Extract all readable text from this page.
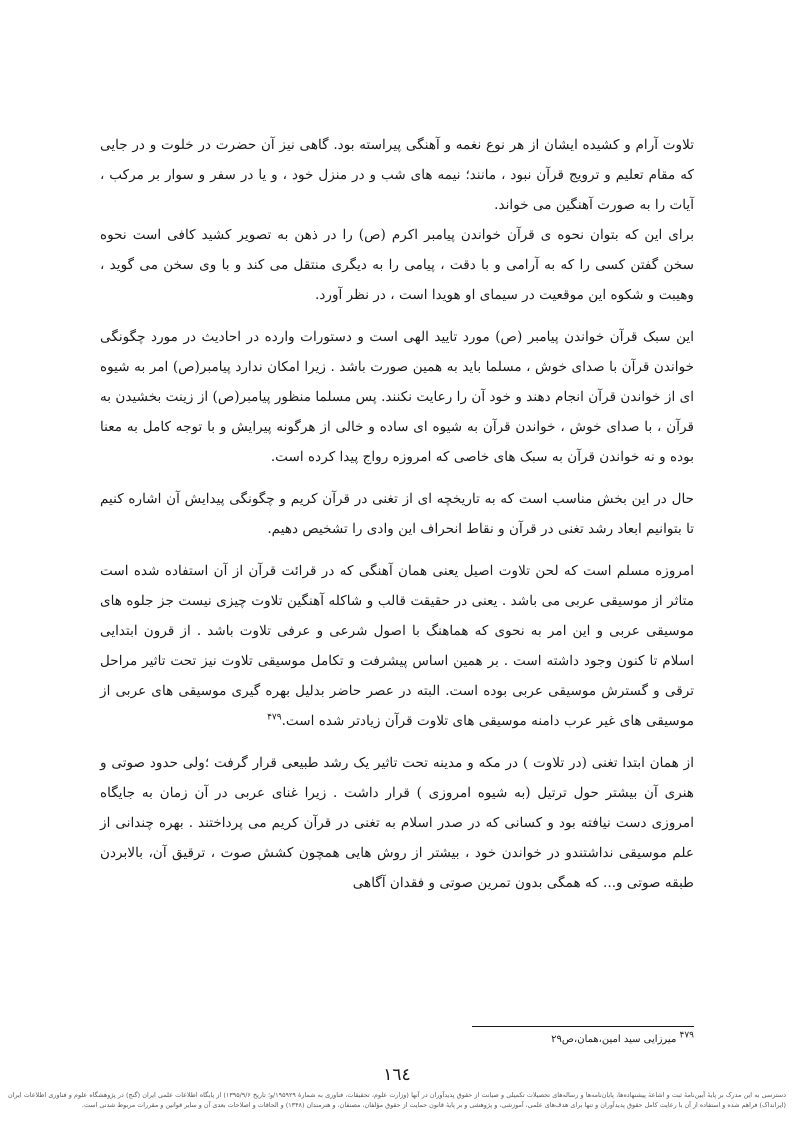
تلاوت آرام و کشیده ایشان از هر نوع نغمه و آهنگی پیراسته بود. گاهی نیز آن حضرت در خلوت و در جایی که مقام تعلیم و ترویج قرآن نبود ، مانند؛ نیمه های شب و در منزل خود ، و یا در سفر و سوار بر مرکب ، آیات را به صورت آهنگین می خواند.

برای این که بتوان نحوه ی قرآن خواندن پیامبر اکرم (ص) را در ذهن به تصویر کشید کافی است نحوه سخن گفتن کسی را که به آرامی و با دقت ، پیامی را به دیگری منتقل می کند و با وی سخن می گوید ، وهیبت و شکوه این موقعیت در سیمای او هویدا است ، در نظر آورد.

این سبک قرآن خواندن پیامبر (ص) مورد تایید الهی است و دستورات وارده در احادیث در مورد چگونگی خواندن قرآن با صدای خوش ، مسلما باید به همین صورت باشد . زیرا امکان ندارد پیامبر(ص) امر به شیوه ای از خواندن قرآن انجام دهند و خود آن را رعایت نکنند. پس مسلما منظور پیامبر(ص) از زینت بخشیدن به قرآن ، با صدای خوش ، خواندن قرآن به شیوه ای ساده و خالی از هرگونه پیرایش و با توجه کامل به معنا بوده و نه خواندن قرآن به سبک های خاصی که امروزه رواج پیدا کرده است.

حال در این بخش مناسب است که به تاریخچه ای از تغنی در قرآن کریم و چگونگی پیدایش آن اشاره کنیم تا بتوانیم ابعاد رشد تغنی در قرآن و نقاط انحراف این وادی را تشخیص دهیم.

امروزه مسلم است که لحن تلاوت اصیل یعنی همان آهنگی که در قرائت قرآن از آن استفاده شده است متاثر از موسیقی عربی می باشد . یعنی در حقیقت قالب و شاکله آهنگین تلاوت چیزی نیست جز جلوه های موسیقی عربی و این امر به نحوی که هماهنگ با اصول شرعی و عرفی تلاوت باشد . از قرون ابتدایی اسلام تا کنون وجود داشته است . بر همین اساس پیشرفت و تکامل موسیقی تلاوت نیز تحت تاثیر مراحل ترقی و گسترش موسیقی عربی بوده است. البته در عصر حاضر بدلیل بهره گیری موسیقی های عربی از موسیقی های غیر عرب دامنه موسیقی های تلاوت قرآن زیادتر شده است.$^{۴۷۹}$

از همان ابتدا تغنی (در تلاوت ) در مکه و مدینه تحت تاثیر یک رشد طبیعی قرار گرفت ؛ولی حدود صوتی و هنری آن بیشتر حول ترتیل (به شیوه امروزی ) قرار داشت . زیرا غنای عربی در آن زمان به جایگاه امروزی دست نیافته بود و کسانی که در صدر اسلام به تغنی در قرآن کریم می پرداختند . بهره چندانی از علم موسیقی نداشتندو در خواندن خود ، بیشتر از روش هایی همچون کشش صوت ، ترقیق آن، بالابردن طبقه صوتی و... که همگی بدون تمرین صوتی و فقدان آگاهی

۴۷۹ میرزایی سید امین،همان،ص۲۹
۱٦٤
دسترسی به این مدرک بر پایۀ آیین‌نامۀ ثبت و اشاعۀ پیشنهاده‌ها، پایان‌نامه‌ها و رساله‌های تحصیلات تکمیلی و صیانت از حقوق پدیدآوران در آنها (وزارت علوم، تحقیقات، فناوری به شمارۀ ۱۹۵۹۲۹/و؛ تاریخ ۱۳۹۵/۹/۶) از پایگاه اطلاعات علمی ایران (گنج) در پژوهشگاه علوم و فناوری اطلاعات ایران (ایرانداک) فراهم شده و استفاده از آن با رعایت کامل حقوق پدیدآوران و تنها برای هدف‌های علمی، آموزشی، و پژوهشی و بر پایۀ قانون حمایت از حقوق مؤلفان، مصنفان، و هنرمندان (۱۳۴۸) و الحاقات و اصلاحات بعدی آن و سایر قوانین و مقررات مربوط شدنی است.
